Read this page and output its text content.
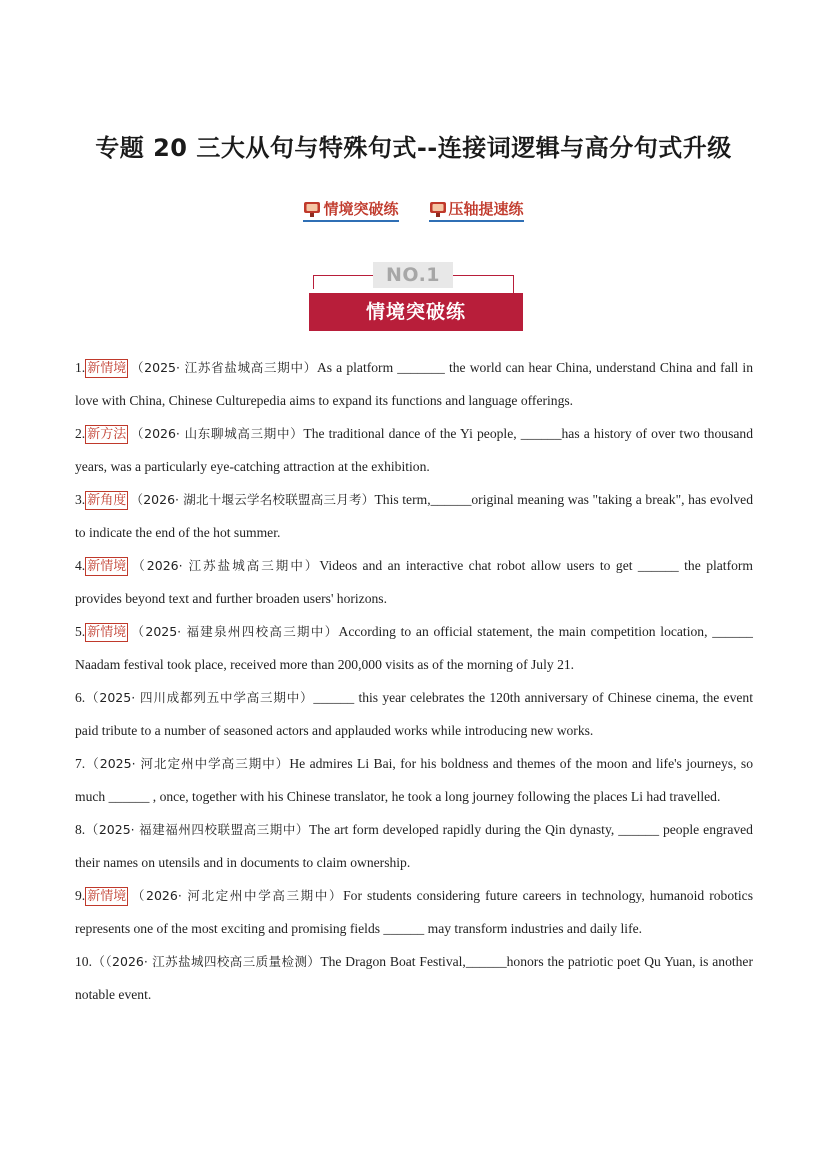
专题 20 三大从句与特殊句式--连接词逻辑与高分句式升级
情境突破练	压轴提速练
NO.1
情境突破练

1. 新情境 （2025· 江苏省盐城高三期中）As a platform _______ the world can hear China, understand China and fall in love with China, Chinese Culturepedia aims to expand its functions and language offerings.

2. 新方法 （2026· 山东聊城高三期中）The traditional dance of the Yi people, ______has a history of over two thousand years, was a particularly eye-catching attraction at the exhibition.

3. 新角度 （2026· 湖北十堰云学名校联盟高三月考）This term,______original meaning was "taking a break", has evolved to indicate the end of the hot summer.

4. 新情境 （2026· 江苏盐城高三期中）Videos and an interactive chat robot allow users to get ______ the platform provides beyond text and further broaden users' horizons.

5. 新情境 （2025· 福建泉州四校高三期中）According to an official statement, the main competition location, ______ Naadam festival took place, received more than 200,000 visits as of the morning of July 21.

6.（2025· 四川成都列五中学高三期中）______ this year celebrates the 120th anniversary of Chinese cinema, the event paid tribute to a number of seasoned actors and applauded works while introducing new works.

7.（2025· 河北定州中学高三期中）He admires Li Bai, for his boldness and themes of the moon and life's journeys, so much ______ , once, together with his Chinese translator, he took a long journey following the places Li had travelled.

8.（2025· 福建福州四校联盟高三期中）The art form developed rapidly during the Qin dynasty, ______ people engraved their names on utensils and in documents to claim ownership.

9. 新情境 （2026· 河北定州中学高三期中）For students considering future careers in technology, humanoid robotics represents one of the most exciting and promising fields ______ may transform industries and daily life.

10.（（2026· 江苏盐城四校高三质量检测）The Dragon Boat Festival,______honors the patriotic poet Qu Yuan, is another notable event.
